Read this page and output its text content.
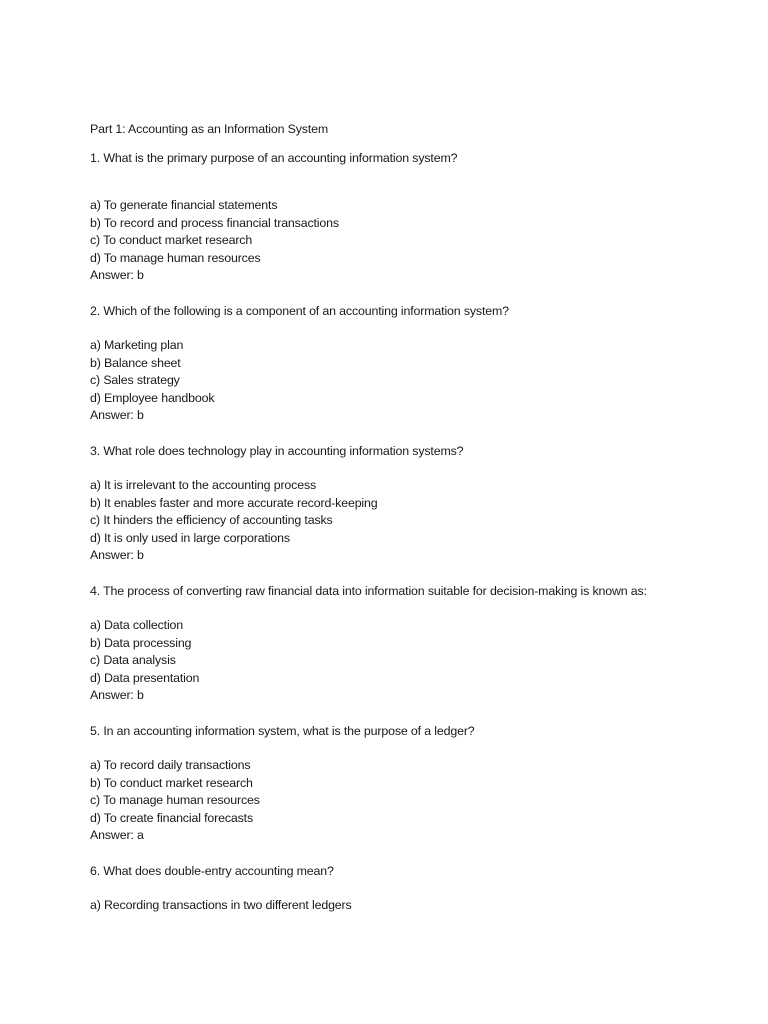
Part 1: Accounting as an Information System
1. What is the primary purpose of an accounting information system?
a) To generate financial statements
b) To record and process financial transactions
c) To conduct market research
d) To manage human resources
Answer: b
2. Which of the following is a component of an accounting information system?
a) Marketing plan
b) Balance sheet
c) Sales strategy
d) Employee handbook
Answer: b
3. What role does technology play in accounting information systems?
a) It is irrelevant to the accounting process
b) It enables faster and more accurate record-keeping
c) It hinders the efficiency of accounting tasks
d) It is only used in large corporations
Answer: b
4. The process of converting raw financial data into information suitable for decision-making is known as:
a) Data collection
b) Data processing
c) Data analysis
d) Data presentation
Answer: b
5. In an accounting information system, what is the purpose of a ledger?
a) To record daily transactions
b) To conduct market research
c) To manage human resources
d) To create financial forecasts
Answer: a
6. What does double-entry accounting mean?
a) Recording transactions in two different ledgers
